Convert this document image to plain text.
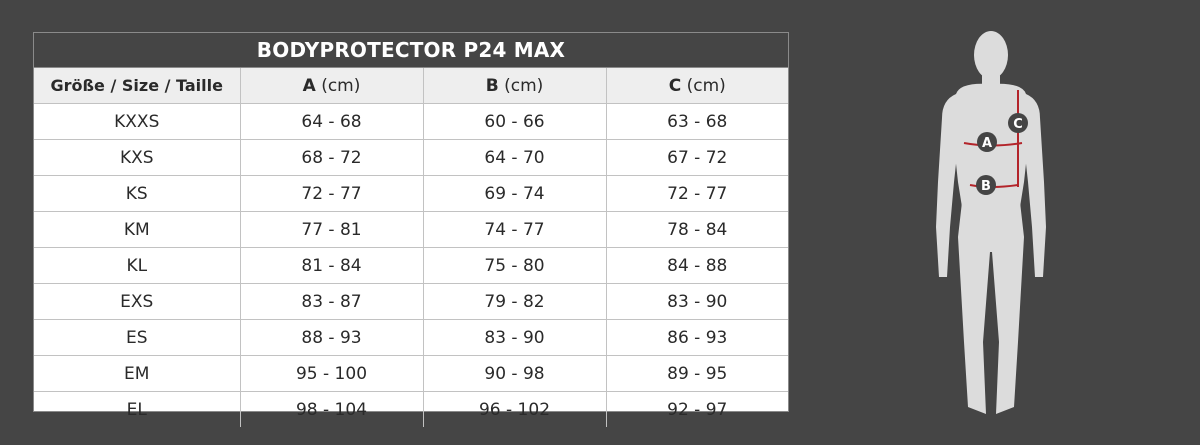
BODYPROTECTOR P24 MAX
Größe / Size / Taille	A (cm)	B (cm)	C (cm)
KXXS	64 - 68	60 - 66	63 - 68
KXS	68 - 72	64 - 70	67 - 72
KS	72 - 77	69 - 74	72 - 77
KM	77 - 81	74 - 77	78 - 84
KL	81 - 84	75 - 80	84 - 88
EXS	83 - 87	79 - 82	83 - 90
ES	88 - 93	83 - 90	86 - 93
EM	95 - 100	90 - 98	89 - 95
EL	98 - 104	96 - 102	92 - 97
A
C
B
